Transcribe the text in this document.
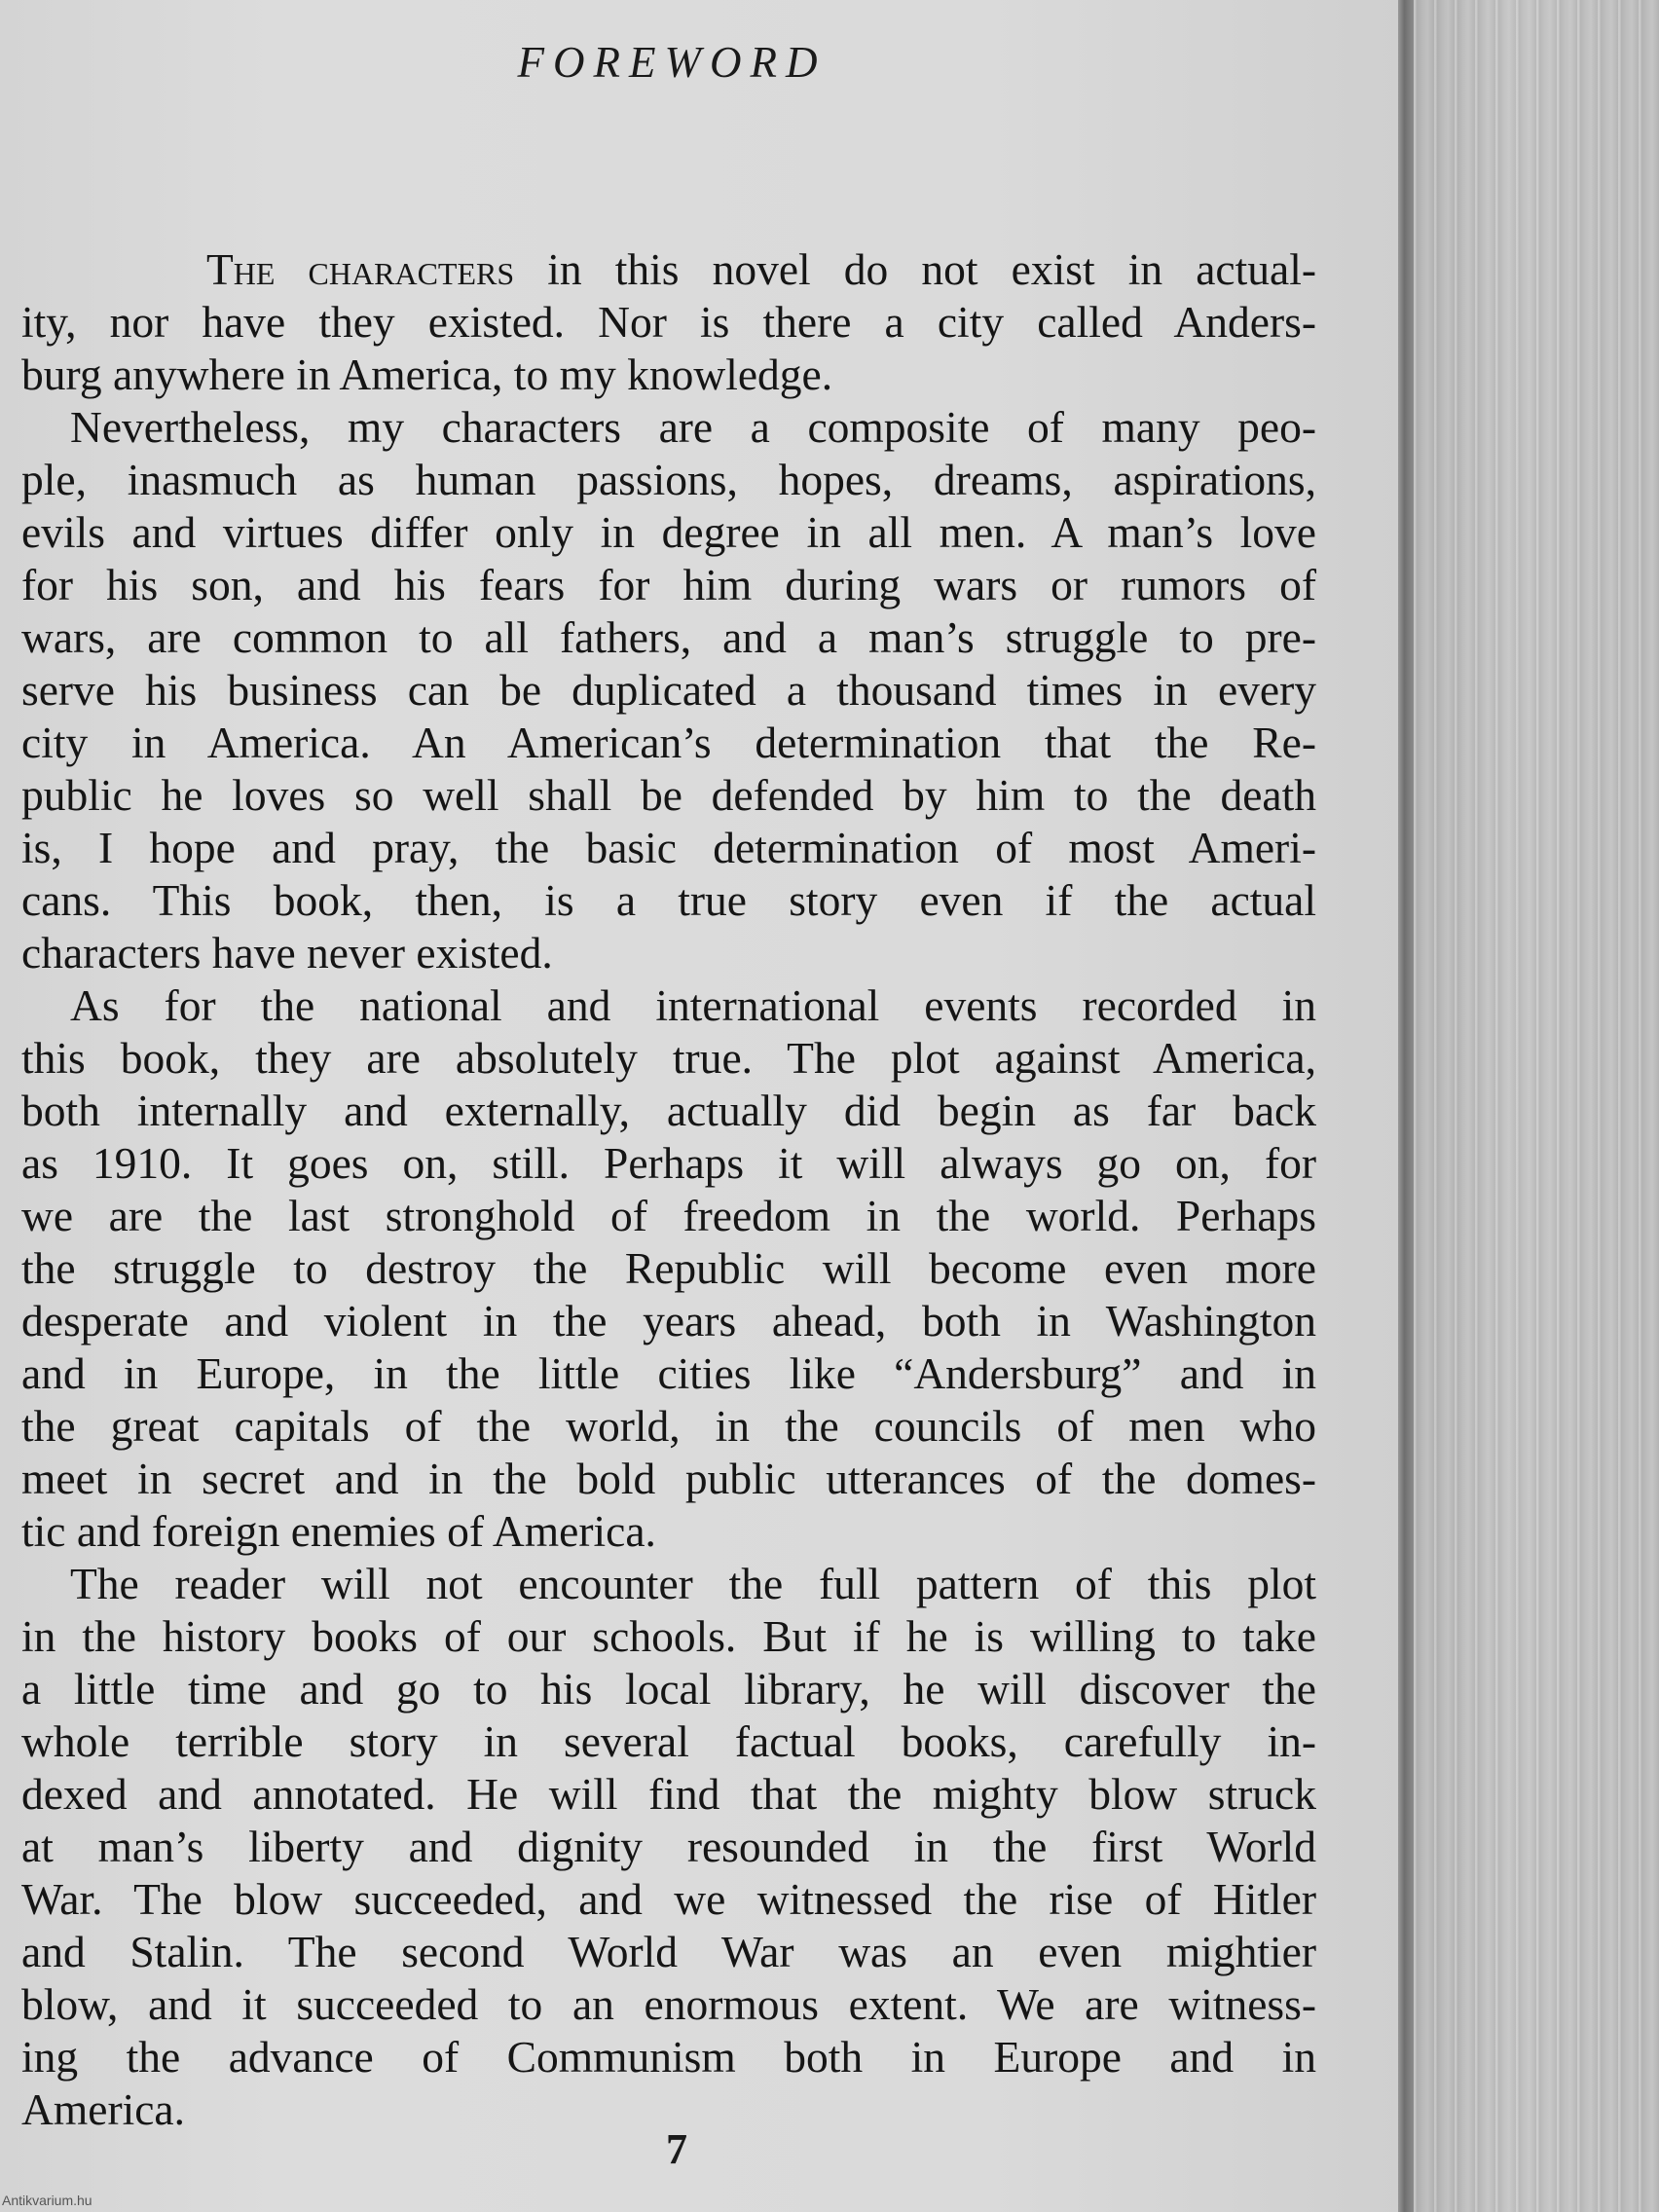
FOREWORD
The characters in this novel do not exist in actual-
ity, nor have they existed. Nor is there a city called Anders-
burg anywhere in America, to my knowledge.
Nevertheless, my characters are a composite of many peo-
ple, inasmuch as human passions, hopes, dreams, aspirations,
evils and virtues differ only in degree in all men. A man’s love
for his son, and his fears for him during wars or rumors of
wars, are common to all fathers, and a man’s struggle to pre-
serve his business can be duplicated a thousand times in every
city in America. An American’s determination that the Re-
public he loves so well shall be defended by him to the death
is, I hope and pray, the basic determination of most Ameri-
cans. This book, then, is a true story even if the actual
characters have never existed.
As for the national and international events recorded in
this book, they are absolutely true. The plot against America,
both internally and externally, actually did begin as far back
as 1910. It goes on, still. Perhaps it will always go on, for
we are the last stronghold of freedom in the world. Perhaps
the struggle to destroy the Republic will become even more
desperate and violent in the years ahead, both in Washington
and in Europe, in the little cities like “Andersburg” and in
the great capitals of the world, in the councils of men who
meet in secret and in the bold public utterances of the domes-
tic and foreign enemies of America.
The reader will not encounter the full pattern of this plot
in the history books of our schools. But if he is willing to take
a little time and go to his local library, he will discover the
whole terrible story in several factual books, carefully in-
dexed and annotated. He will find that the mighty blow struck
at man’s liberty and dignity resounded in the first World
War. The blow succeeded, and we witnessed the rise of Hitler
and Stalin. The second World War was an even mightier
blow, and it succeeded to an enormous extent. We are witness-
ing the advance of Communism both in Europe and in
America.
7
Antikvarium.hu
